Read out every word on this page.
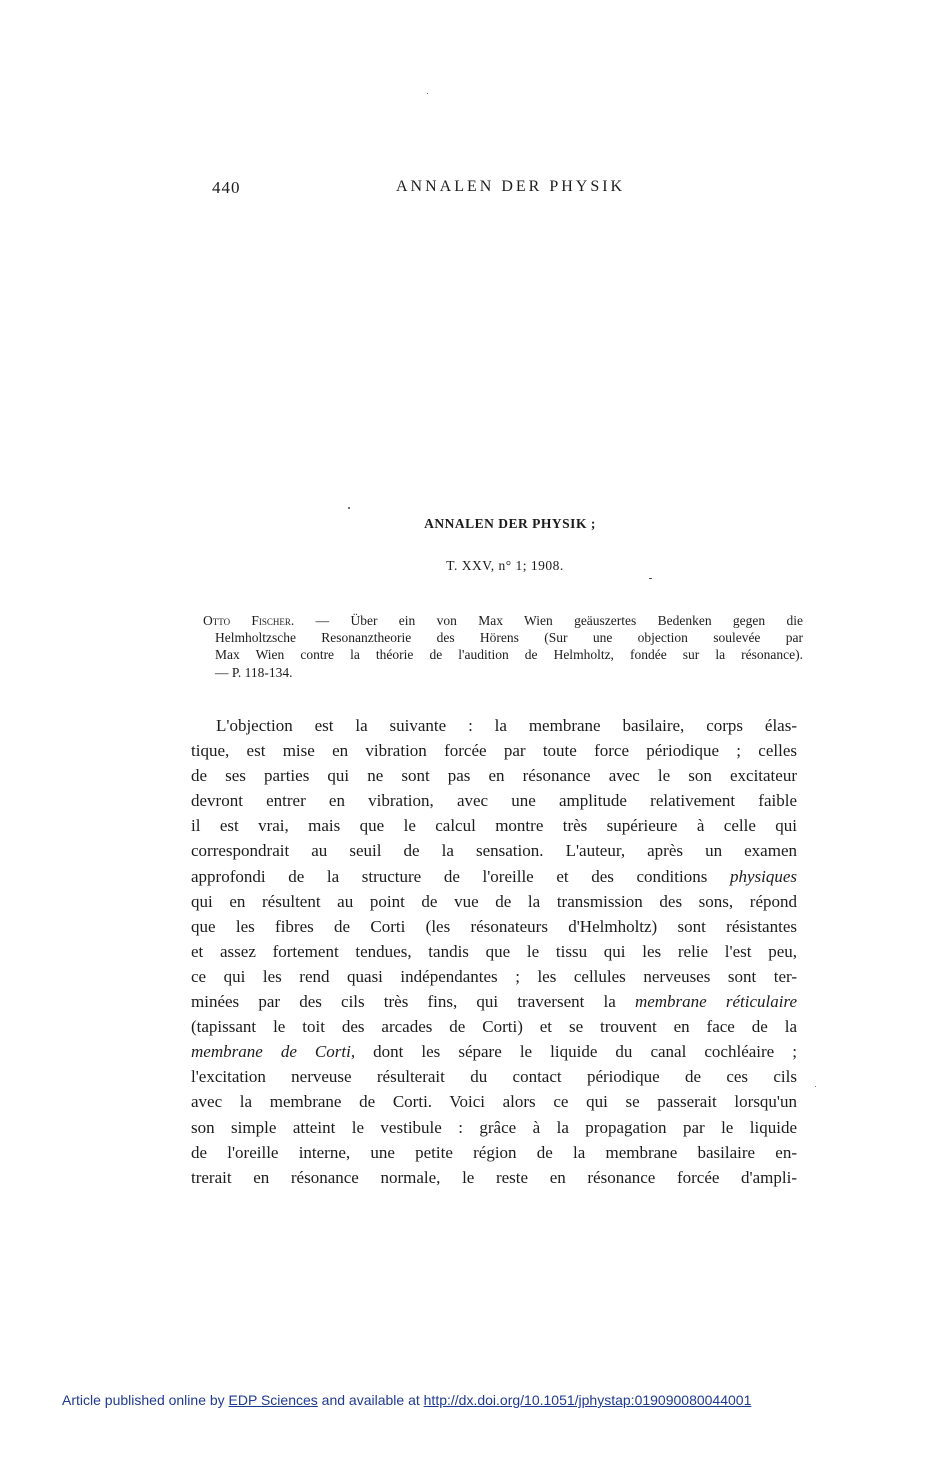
440	ANNALEN DER PHYSIK
ANNALEN DER PHYSIK ;
T. XXV, n° 1; 1908.
Otto Fischer. — Über ein von Max Wien geäuszertes Bedenken gegen die
Helmholtzsche Resonanztheorie des Hörens (Sur une objection soulevée par
Max Wien contre la théorie de l'audition de Helmholtz, fondée sur la résonance).
— P. 118-134.
L'objection est la suivante : la membrane basilaire, corps élas-
tique, est mise en vibration forcée par toute force périodique ; celles
de ses parties qui ne sont pas en résonance avec le son excitateur
devront entrer en vibration, avec une amplitude relativement faible
il est vrai, mais que le calcul montre très supérieure à celle qui
correspondrait au seuil de la sensation. L'auteur, après un examen
approfondi de la structure de l'oreille et des conditions physiques
qui en résultent au point de vue de la transmission des sons, répond
que les fibres de Corti (les résonateurs d'Helmholtz) sont résistantes
et assez fortement tendues, tandis que le tissu qui les relie l'est peu,
ce qui les rend quasi indépendantes ; les cellules nerveuses sont ter-
minées par des cils très fins, qui traversent la membrane réticulaire
(tapissant le toit des arcades de Corti) et se trouvent en face de la
membrane de Corti, dont les sépare le liquide du canal cochléaire ;
l'excitation nerveuse résulterait du contact périodique de ces cils
avec la membrane de Corti. Voici alors ce qui se passerait lorsqu'un
son simple atteint le vestibule : grâce à la propagation par le liquide
de l'oreille interne, une petite région de la membrane basilaire en-
trerait en résonance normale, le reste en résonance forcée d'ampli-
Article published online by EDP Sciences and available at http://dx.doi.org/10.1051/jphystap:019090080044001
